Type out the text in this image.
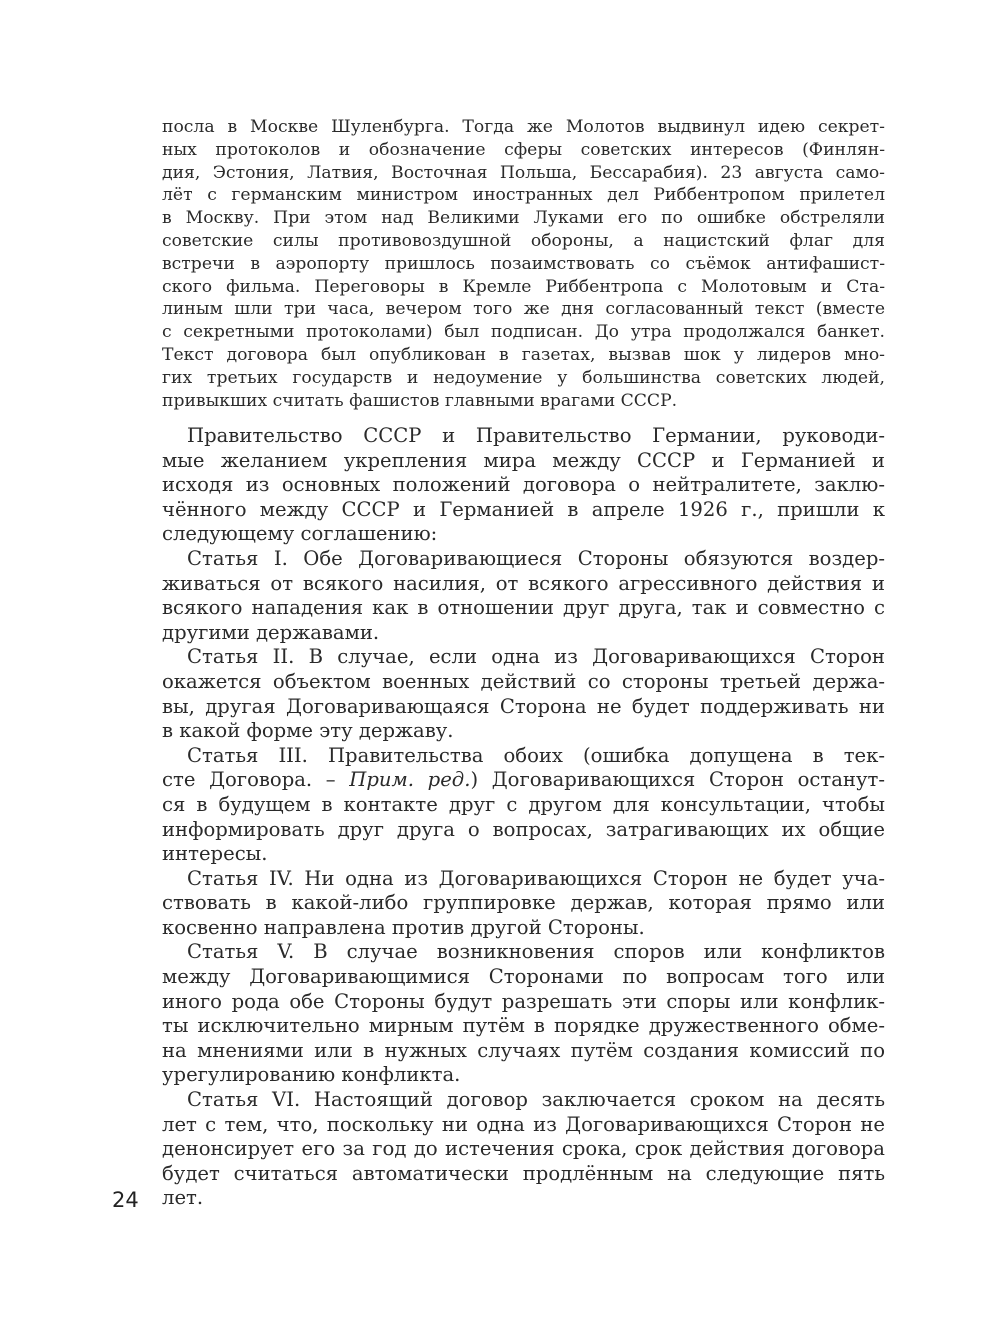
посла в Москве Шуленбурга. Тогда же Молотов выдвинул идею секрет-
ных протоколов и обозначение сферы советских интересов (Финлян-
дия, Эстония, Латвия, Восточная Польша, Бессарабия). 23 августа само-
лёт с германским министром иностранных дел Риббентропом прилетел
в Москву. При этом над Великими Луками его по ошибке обстреляли
советские силы противовоздушной обороны, а нацистский флаг для
встречи в аэропорту пришлось позаимствовать со съёмок антифашист-
ского фильма. Переговоры в Кремле Риббентропа с Молотовым и Ста-
линым шли три часа, вечером того же дня согласованный текст (вместе
с секретными протоколами) был подписан. До утра продолжался банкет.
Текст договора был опубликован в газетах, вызвав шок у лидеров мно-
гих третьих государств и недоумение у большинства советских людей,
привыкших считать фашистов главными врагами СССР.
Правительство СССР и Правительство Германии, руководи-
мые желанием укрепления мира между СССР и Германией и
исходя из основных положений договора о нейтралитете, заклю-
чённого между СССР и Германией в апреле 1926 г., пришли к
следующему соглашению:
Статья I. Обе Договаривающиеся Стороны обязуются воздер-
живаться от всякого насилия, от всякого агрессивного действия и
всякого нападения как в отношении друг друга, так и совместно с
другими державами.
Статья II. В случае, если одна из Договаривающихся Сторон
окажется объектом военных действий со стороны третьей держа-
вы, другая Договаривающаяся Сторона не будет поддерживать ни
в какой форме эту державу.
Статья III. Правительства обоих (ошибка допущена в тек-
сте Договора. – Прим. ред.) Договаривающихся Сторон останут-
ся в будущем в контакте друг с другом для консультации, чтобы
информировать друг друга о вопросах, затрагивающих их общие
интересы.
Статья IV. Ни одна из Договаривающихся Сторон не будет уча-
ствовать в какой-либо группировке держав, которая прямо или
косвенно направлена против другой Стороны.
Статья V. В случае возникновения споров или конфликтов
между Договаривающимися Сторонами по вопросам того или
иного рода обе Стороны будут разрешать эти споры или конфлик-
ты исключительно мирным путём в порядке дружественного обме-
на мнениями или в нужных случаях путём создания комиссий по
урегулированию конфликта.
Статья VI. Настоящий договор заключается сроком на десять
лет с тем, что, поскольку ни одна из Договаривающихся Сторон не
денонсирует его за год до истечения срока, срок действия договора
будет считаться автоматически продлённым на следующие пять
лет.
24
